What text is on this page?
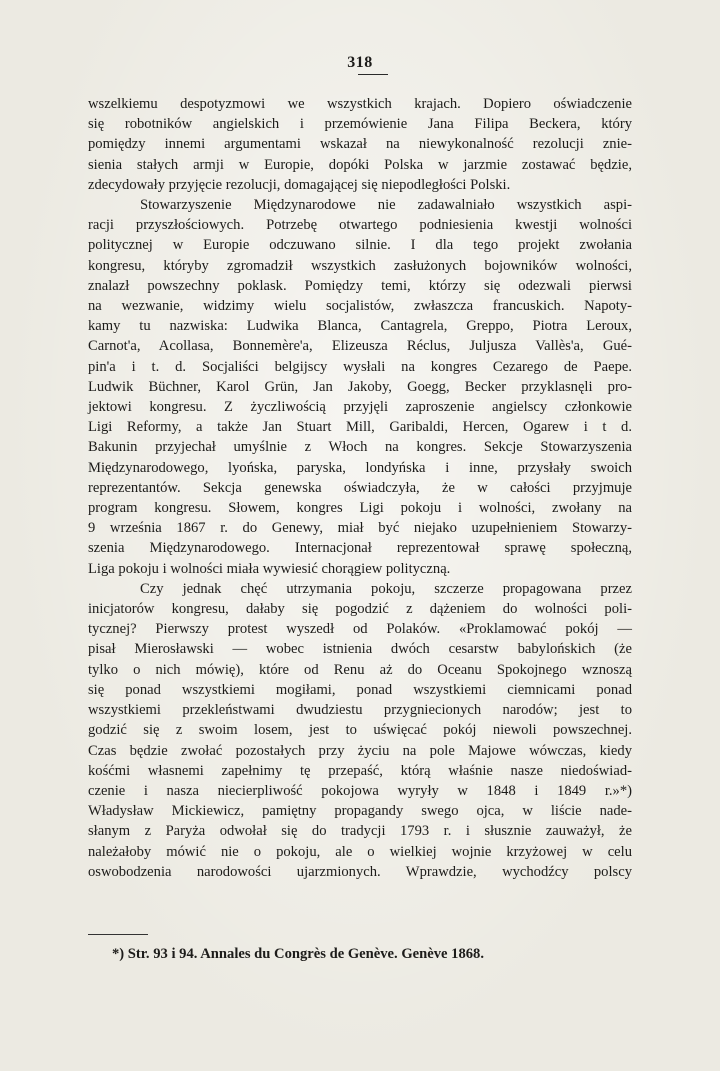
318
wszelkiemu despotyzmowi we wszystkich krajach. Dopiero oświadczenie
się robotników angielskich i przemówienie Jana Filipa Beckera, który
pomiędzy innemi argumentami wskazał na niewykonalność rezolucji znie-
sienia stałych armji w Europie, dopóki Polska w jarzmie zostawać będzie,
zdecydowały przyjęcie rezolucji, domagającej się niepodległości Polski.
Stowarzyszenie Międzynarodowe nie zadawalniało wszystkich aspi-
racji przyszłościowych. Potrzebę otwartego podniesienia kwestji wolności
politycznej w Europie odczuwano silnie. I dla tego projekt zwołania
kongresu, któryby zgromadził wszystkich zasłużonych bojowników wolności,
znalazł powszechny poklask. Pomiędzy temi, którzy się odezwali pierwsi
na wezwanie, widzimy wielu socjalistów, zwłaszcza francuskich. Napoty-
kamy tu nazwiska: Ludwika Blanca, Cantagrela, Greppo, Piotra Leroux,
Carnot'a, Acollasa, Bonnemère'a, Elizeusza Réclus, Juljusza Vallès'a, Gué-
pin'a i t. d. Socjaliści belgijscy wysłali na kongres Cezarego de Paepe.
Ludwik Büchner, Karol Grün, Jan Jakoby, Goegg, Becker przyklasnęli pro-
jektowi kongresu. Z życzliwością przyjęli zaproszenie angielscy członkowie
Ligi Reformy, a także Jan Stuart Mill, Garibaldi, Hercen, Ogarew i t d.
Bakunin przyjechał umyślnie z Włoch na kongres. Sekcje Stowarzyszenia
Międzynarodowego, lyońska, paryska, londyńska i inne, przysłały swoich
reprezentantów. Sekcja genewska oświadczyła, że w całości przyjmuje
program kongresu. Słowem, kongres Ligi pokoju i wolności, zwołany na
9 września 1867 r. do Genewy, miał być niejako uzupełnieniem Stowarzy-
szenia Międzynarodowego. Internacjonał reprezentował sprawę społeczną,
Liga pokoju i wolności miała wywiesić chorągiew polityczną.
Czy jednak chęć utrzymania pokoju, szczerze propagowana przez
inicjatorów kongresu, dałaby się pogodzić z dążeniem do wolności poli-
tycznej? Pierwszy protest wyszedł od Polaków. «Proklamować pokój —
pisał Mierosławski — wobec istnienia dwóch cesarstw babylońskich (że
tylko o nich mówię), które od Renu aż do Oceanu Spokojnego wznoszą
się ponad wszystkiemi mogiłami, ponad wszystkiemi ciemnicami ponad
wszystkiemi przekleństwami dwudziestu przygniecionych narodów; jest to
godzić się z swoim losem, jest to uświęcać pokój niewoli powszechnej.
Czas będzie zwołać pozostałych przy życiu na pole Majowe wówczas, kiedy
kośćmi własnemi zapełnimy tę przepaść, którą właśnie nasze niedoświad-
czenie i nasza niecierpliwość pokojowa wyryły w 1848 i 1849 r.»*)
Władysław Mickiewicz, pamiętny propagandy swego ojca, w liście nade-
słanym z Paryża odwołał się do tradycji 1793 r. i słusznie zauważył, że
należałoby mówić nie o pokoju, ale o wielkiej wojnie krzyżowej w celu
oswobodzenia narodowości ujarzmionych. Wprawdzie, wychodźcy polscy
*) Str. 93 i 94. Annales du Congrès de Genève. Genève 1868.
